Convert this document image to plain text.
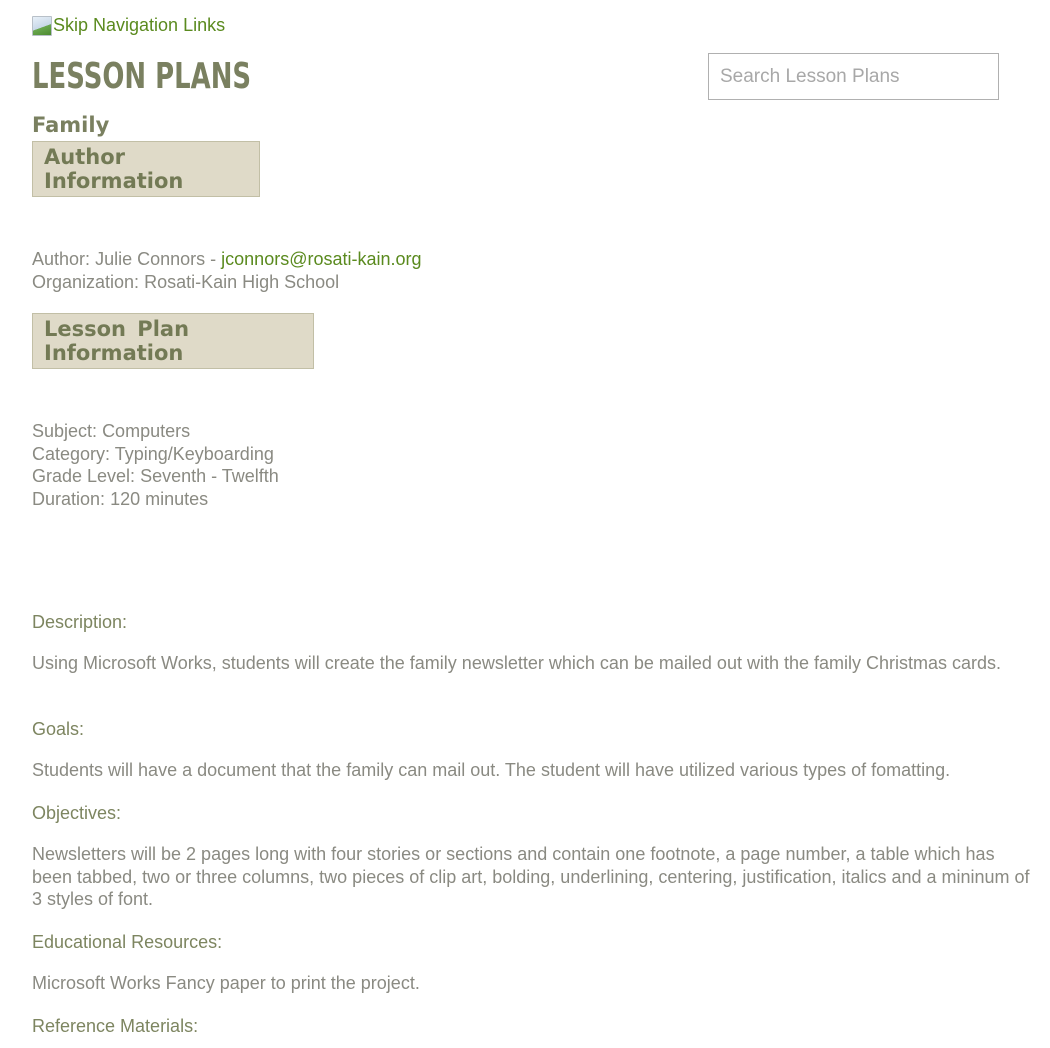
Skip Navigation Links
LESSON PLANS
Search Lesson Plans
Family
Author Information
Author: Julie Connors - jconnors@rosati-kain.org
Organization: Rosati-Kain High School
Lesson Plan Information
Subject: Computers
Category: Typing/Keyboarding
Grade Level: Seventh - Twelfth
Duration: 120 minutes
Description:
Using Microsoft Works, students will create the family newsletter which can be mailed out with the family Christmas cards.
Goals:
Students will have a document that the family can mail out. The student will have utilized various types of fomatting.
Objectives:
Newsletters will be 2 pages long with four stories or sections and contain one footnote, a page number, a table which has been tabbed, two or three columns, two pieces of clip art, bolding, underlining, centering, justification, italics and a mininum of 3 styles of font.
Educational Resources:
Microsoft Works Fancy paper to print the project.
Reference Materials:
